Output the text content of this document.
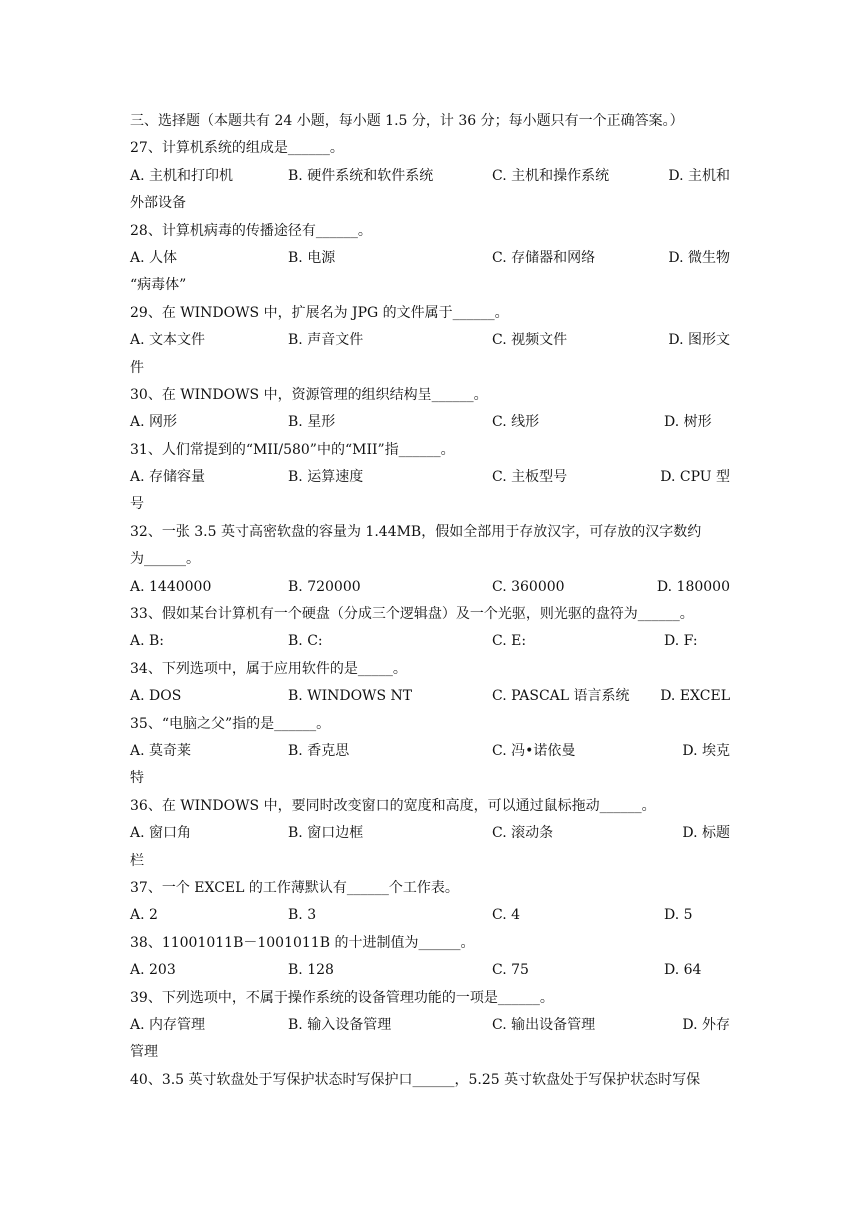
三、选择题（本题共有 24 小题，每小题 1.5 分，计 36 分；每小题只有一个正确答案。）
27、计算机系统的组成是______。
A. 主机和打印机	B. 硬件系统和软件系统	C. 主机和操作系统	D. 主机和
外部设备
28、计算机病毒的传播途径有______。
A. 人体	B. 电源	C. 存储器和网络	D. 微生物
“病毒体”
29、在 WINDOWS 中，扩展名为 JPG 的文件属于______。
A. 文本文件	B. 声音文件	C. 视频文件	D. 图形文
件
30、在 WINDOWS 中，资源管理的组织结构呈______。
A. 网形	B. 星形	C. 线形	D. 树形
31、人们常提到的“MII/580”中的“MII”指______。
A. 存储容量	B. 运算速度	C. 主板型号	D. CPU 型
号
32、一张 3.5 英寸高密软盘的容量为 1.44MB，假如全部用于存放汉字，可存放的汉字数约
为______。
A. 1440000	B. 720000	C. 360000	D. 180000
33、假如某台计算机有一个硬盘（分成三个逻辑盘）及一个光驱，则光驱的盘符为______。
A. B:	B. C:	C. E:	D. F:
34、下列选项中，属于应用软件的是_____。
A. DOS	B. WINDOWS NT	C. PASCAL 语言系统 D. EXCEL
35、“电脑之父”指的是______。
A. 莫奇莱	B. 香克思	C. 冯•诺依曼	D. 埃克
特
36、在 WINDOWS 中，要同时改变窗口的宽度和高度，可以通过鼠标拖动______。
A. 窗口角	B. 窗口边框	C. 滚动条	D. 标题
栏
37、一个 EXCEL 的工作薄默认有______个工作表。
A. 2	B. 3	C. 4	D. 5
38、11001011B－1001011B 的十进制值为______。
A. 203	B. 128	C. 75	D. 64
39、下列选项中，不属于操作系统的设备管理功能的一项是______。
A. 内存管理	B. 输入设备管理	C. 输出设备管理	D. 外存
管理
40、3.5 英寸软盘处于写保护状态时写保护口______，5.25 英寸软盘处于写保护状态时写保
